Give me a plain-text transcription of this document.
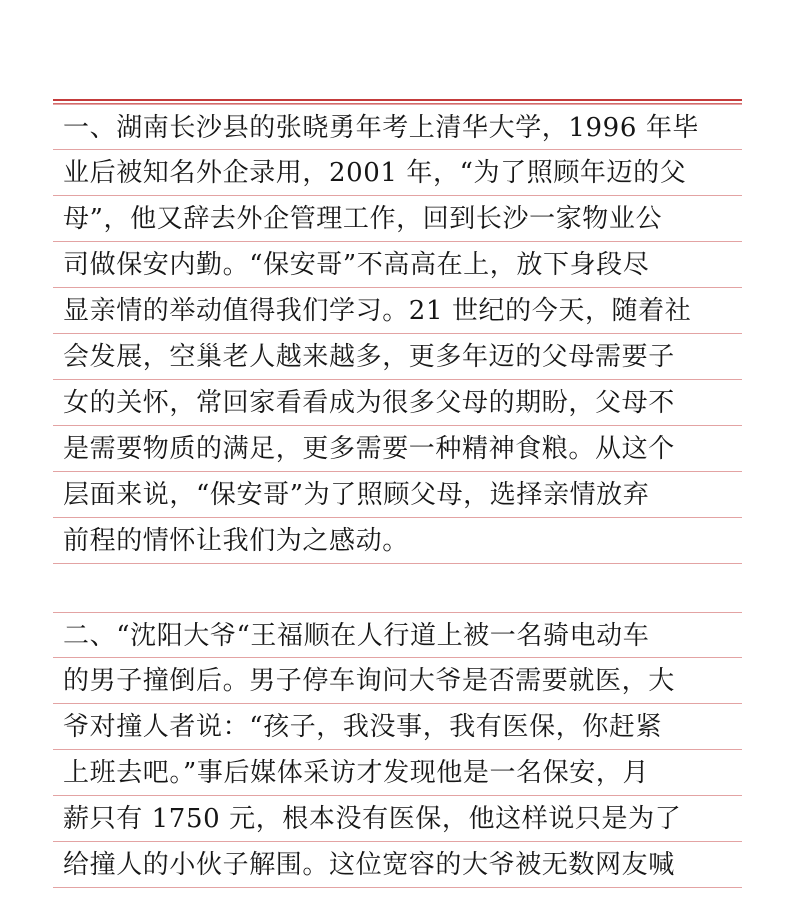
一、湖南长沙县的张晓勇年考上清华大学，1996 年毕
业后被知名外企录用，2001 年，“为了照顾年迈的父
母”，他又辞去外企管理工作，回到长沙一家物业公
司做保安内勤。“保安哥”不高高在上，放下身段尽
显亲情的举动值得我们学习。21 世纪的今天，随着社
会发展，空巢老人越来越多，更多年迈的父母需要子
女的关怀，常回家看看成为很多父母的期盼，父母不
是需要物质的满足，更多需要一种精神食粮。从这个
层面来说，“保安哥”为了照顾父母，选择亲情放弃
前程的情怀让我们为之感动。
二、“沈阳大爷“王福顺在人行道上被一名骑电动车
的男子撞倒后。男子停车询问大爷是否需要就医，大
爷对撞人者说：“孩子，我没事，我有医保，你赶紧
上班去吧。”事后媒体采访才发现他是一名保安，月
薪只有 1750 元，根本没有医保，他这样说只是为了
给撞人的小伙子解围。这位宽容的大爷被无数网友喊
